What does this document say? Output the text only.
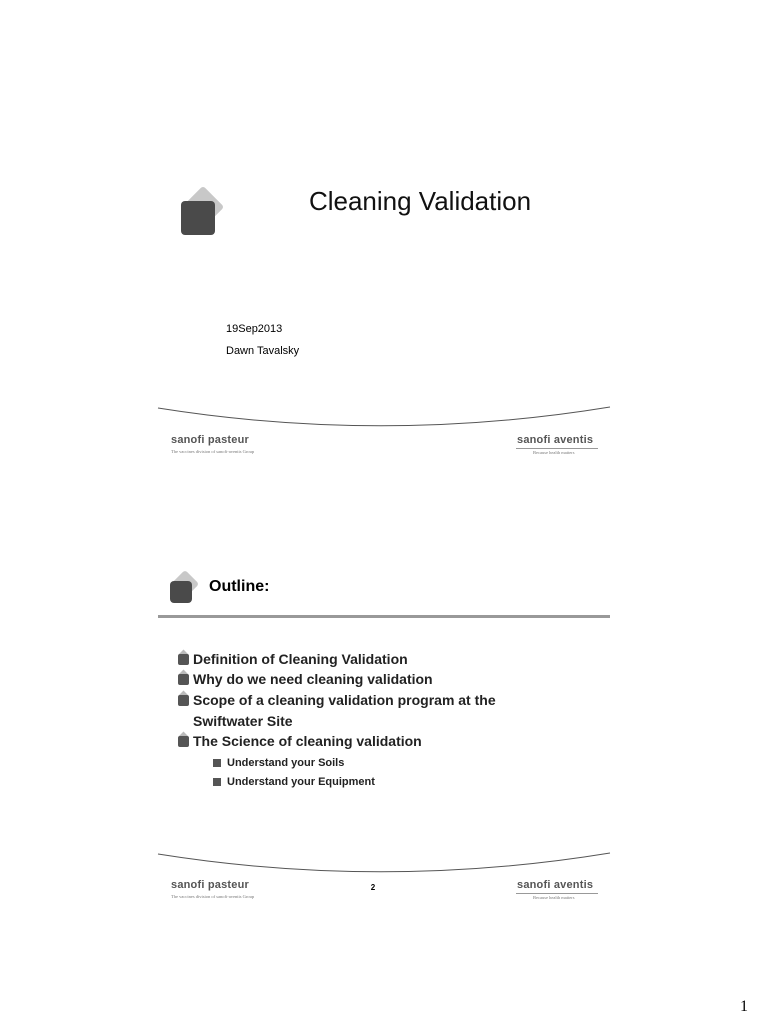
Cleaning Validation
19Sep2013
Dawn Tavalsky
sanofi pasteur
The vaccines division of sanofi-aventis Group
sanofi aventis
Because health matters
Outline:
Definition of Cleaning Validation
Why do we need cleaning validation
Scope of a cleaning validation program at the
Swiftwater Site
The Science of cleaning validation
Understand your Soils
Understand your Equipment
sanofi pasteur
The vaccines division of sanofi-aventis Group
2	sanofi aventis
Because health matters
1
